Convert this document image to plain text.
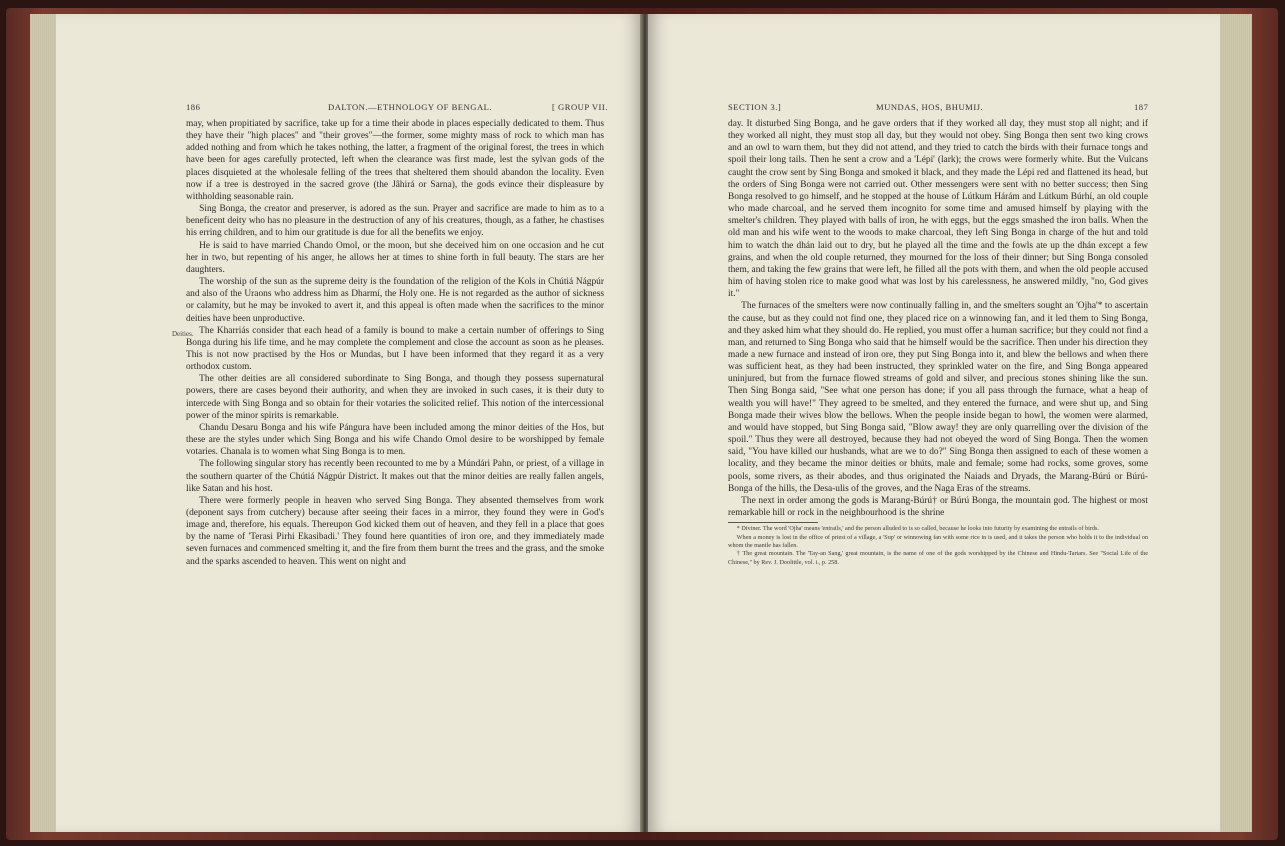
186	DALTON.—ETHNOLOGY OF BENGAL.	[ GROUP VII.
Deities.

may, when propitiated by sacrifice, take up for a time their abode in places especially dedicated to them. Thus they have their "high places" and "their groves"—the former, some mighty mass of rock to which man has added nothing and from which he takes nothing, the latter, a fragment of the original forest, the trees in which have been for ages carefully protected, left when the clearance was first made, lest the sylvan gods of the places disquieted at the wholesale felling of the trees that sheltered them should abandon the locality. Even now if a tree is destroyed in the sacred grove (the Jâhirá or Sarna), the gods evince their displeasure by withholding seasonable rain.

Sing Bonga, the creator and preserver, is adored as the sun. Prayer and sacrifice are made to him as to a beneficent deity who has no pleasure in the destruction of any of his creatures, though, as a father, he chastises his erring children, and to him our gratitude is due for all the benefits we enjoy.

He is said to have married Chando Omol, or the moon, but she deceived him on one occasion and he cut her in two, but repenting of his anger, he allows her at times to shine forth in full beauty. The stars are her daughters.

The worship of the sun as the supreme deity is the foundation of the religion of the Kols in Chútiá Nágpúr and also of the Uraons who address him as Dharmí, the Holy one. He is not regarded as the author of sickness or calamity, but he may be invoked to avert it, and this appeal is often made when the sacrifices to the minor deities have been unproductive.

The Kharriás consider that each head of a family is bound to make a certain number of offerings to Sing Bonga during his life time, and he may complete the complement and close the account as soon as he pleases. This is not now practised by the Hos or Mundas, but I have been informed that they regard it as a very orthodox custom.

The other deities are all considered subordinate to Sing Bonga, and though they possess supernatural powers, there are cases beyond their authority, and when they are invoked in such cases, it is their duty to intercede with Sing Bonga and so obtain for their votaries the solicited relief. This notion of the intercessional power of the minor spirits is remarkable.

Chandu Desaru Bonga and his wife Pángura have been included among the minor deities of the Hos, but these are the styles under which Sing Bonga and his wife Chando Omol desire to be worshipped by female votaries. Chanala is to women what Sing Bonga is to men.

The following singular story has recently been recounted to me by a Múndári Pahn, or priest, of a village in the southern quarter of the Chútiá Nágpúr District. It makes out that the minor deities are really fallen angels, like Satan and his host.

There were formerly people in heaven who served Sing Bonga. They absented themselves from work (deponent says from cutchery) because after seeing their faces in a mirror, they found they were in God's image and, therefore, his equals. Thereupon God kicked them out of heaven, and they fell in a place that goes by the name of 'Terasi Pirhi Ekasibadi.' They found here quantities of iron ore, and they immediately made seven furnaces and commenced smelting it, and the fire from them burnt the trees and the grass, and the smoke and the sparks ascended to heaven. This went on night and

SECTION 3.]	MUNDAS, HOS, BHUMIJ.	187

day. It disturbed Sing Bonga, and he gave orders that if they worked all day, they must stop all night; and if they worked all night, they must stop all day, but they would not obey. Sing Bonga then sent two king crows and an owl to warn them, but they did not attend, and they tried to catch the birds with their furnace tongs and spoil their long tails. Then he sent a crow and a 'Lépi' (lark); the crows were formerly white. But the Vulcans caught the crow sent by Sing Bonga and smoked it black, and they made the Lépi red and flattened its head, but the orders of Sing Bonga were not carried out. Other messengers were sent with no better success; then Sing Bonga resolved to go himself, and he stopped at the house of Lútkum Hárám and Lútkum Búrhí, an old couple who made charcoal, and he served them incognito for some time and amused himself by playing with the smelter's children. They played with balls of iron, he with eggs, but the eggs smashed the iron balls. When the old man and his wife went to the woods to make charcoal, they left Sing Bonga in charge of the hut and told him to watch the dhán laid out to dry, but he played all the time and the fowls ate up the dhán except a few grains, and when the old couple returned, they mourned for the loss of their dinner; but Sing Bonga consoled them, and taking the few grains that were left, he filled all the pots with them, and when the old people accused him of having stolen rice to make good what was lost by his carelessness, he answered mildly, "no, God gives it."

The furnaces of the smelters were now continually falling in, and the smelters sought an 'Ojha'* to ascertain the cause, but as they could not find one, they placed rice on a winnowing fan, and it led them to Sing Bonga, and they asked him what they should do. He replied, you must offer a human sacrifice; but they could not find a man, and returned to Sing Bonga who said that he himself would be the sacrifice. Then under his direction they made a new furnace and instead of iron ore, they put Sing Bonga into it, and blew the bellows and when there was sufficient heat, as they had been instructed, they sprinkled water on the fire, and Sing Bonga appeared uninjured, but from the furnace flowed streams of gold and silver, and precious stones shining like the sun. Then Sing Bonga said, "See what one person has done; if you all pass through the furnace, what a heap of wealth you will have!" They agreed to be smelted, and they entered the furnace, and were shut up, and Sing Bonga made their wives blow the bellows. When the people inside began to howl, the women were alarmed, and would have stopped, but Sing Bonga said, "Blow away! they are only quarrelling over the division of the spoil." Thus they were all destroyed, because they had not obeyed the word of Sing Bonga. Then the women said, "You have killed our husbands, what are we to do?" Sing Bonga then assigned to each of these women a locality, and they became the minor deities or bhúts, male and female; some had rocks, some groves, some pools, some rivers, as their abodes, and thus originated the Naiads and Dryads, the Marang-Búrú or Búrú-Bonga of the hills, the Desa-ulis of the groves, and the Naga Eras of the streams.

The next in order among the gods is Marang-Búrú† or Búrú Bonga, the mountain god. The highest or most remarkable hill or rock in the neighbourhood is the shrine

* Diviner. The word 'Ojha' means 'entrails,' and the person alluded to is so called, because he looks into futurity by examining the entrails of birds.

When a money is lost in the office of priest of a village, a 'Sup' or winnowing fan with some rice in is used, and it takes the person who holds it to the individual on whom the mantle has fallen.

† The great mountain. The 'Tay-an Sang,' great mountain, is the name of one of the gods worshipped by the Chinese and Hindu-Tartars. See "Social Life of the Chinese," by Rev. J. Doolittle, vol. i., p. 258.
